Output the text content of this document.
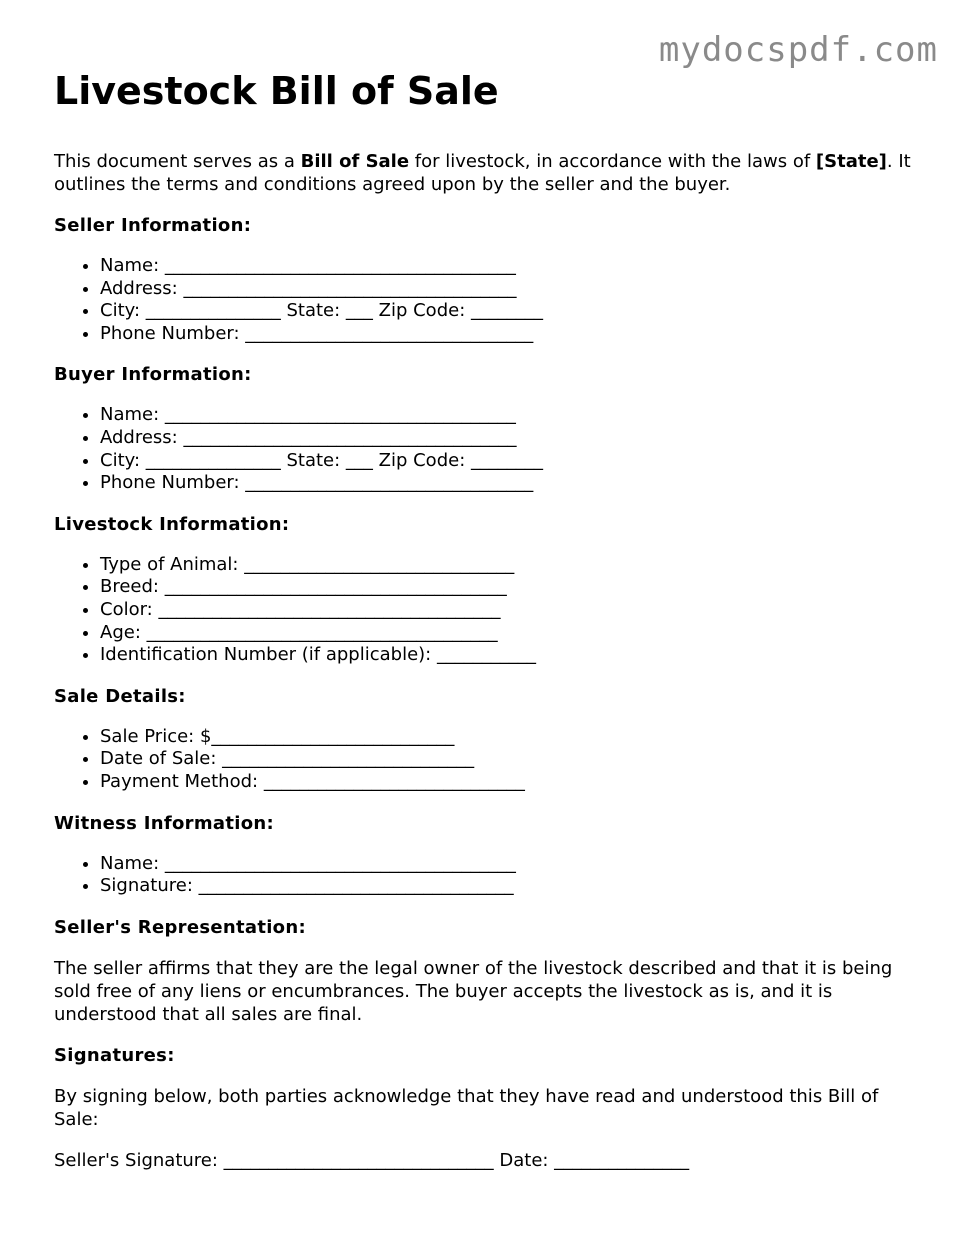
mydocspdf.com
Livestock Bill of Sale

This document serves as a Bill of Sale for livestock, in accordance with the laws of [State]. It outlines the terms and conditions agreed upon by the seller and the buyer.

Seller Information:
• Name: _______________________________________
• Address: _____________________________________
• City: _______________ State: ___ Zip Code: ________
• Phone Number: ________________________________
Buyer Information:
• Name: _______________________________________
• Address: _____________________________________
• City: _______________ State: ___ Zip Code: ________
• Phone Number: ________________________________
Livestock Information:
• Type of Animal: ______________________________
• Breed: ______________________________________
• Color: ______________________________________
• Age: _______________________________________
• Identification Number (if applicable): ___________
Sale Details:
• Sale Price: $___________________________
• Date of Sale: ____________________________
• Payment Method: _____________________________
Witness Information:
• Name: _______________________________________
• Signature: ___________________________________
Seller's Representation:

The seller affirms that they are the legal owner of the livestock described and that it is being sold free of any liens or encumbrances. The buyer accepts the livestock as is, and it is understood that all sales are final.

Signatures:

By signing below, both parties acknowledge that they have read and understood this Bill of Sale:

Seller's Signature: ______________________________ Date: _______________
